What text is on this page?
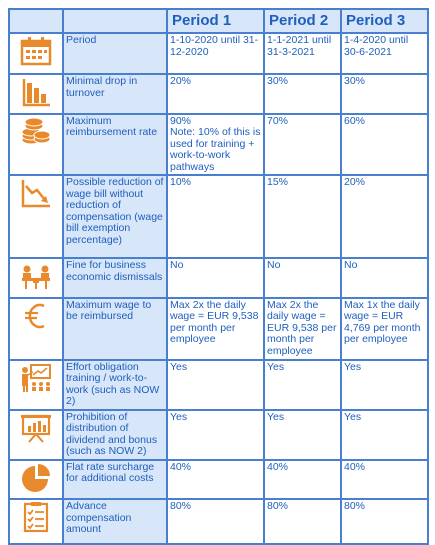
		Period 1	Period 2	Period 3

	Period	1-10-2020 until 31-12-2020	1-1-2021 until 31-3-2021	1-4-2020 until 30-6-2021

	Minimal drop in turnover	20%	30%	30%

	Maximum reimbursement rate	90%
Note: 10% of this is used for training + work-to-work pathways	70%	60%

	Possible reduction of wage bill without reduction of compensation (wage bill exemption percentage)	10%	15%	20%

	Fine for business economic dismissals	No	No	No

	Maximum wage to be reimbursed	Max 2x the daily wage = EUR 9,538 per month per employee	Max 2x the daily wage = EUR 9,538 per month per employee	Max 1x the daily wage = EUR 4,769 per month per employee

	Effort obligation training / work-to-work (such as NOW 2)	Yes	Yes	Yes

	Prohibition of distribution of dividend and bonus (such as NOW 2)	Yes	Yes	Yes

	Flat rate surcharge for additional costs	40%	40%	40%

	Advance compensation amount	80%	80%	80%
